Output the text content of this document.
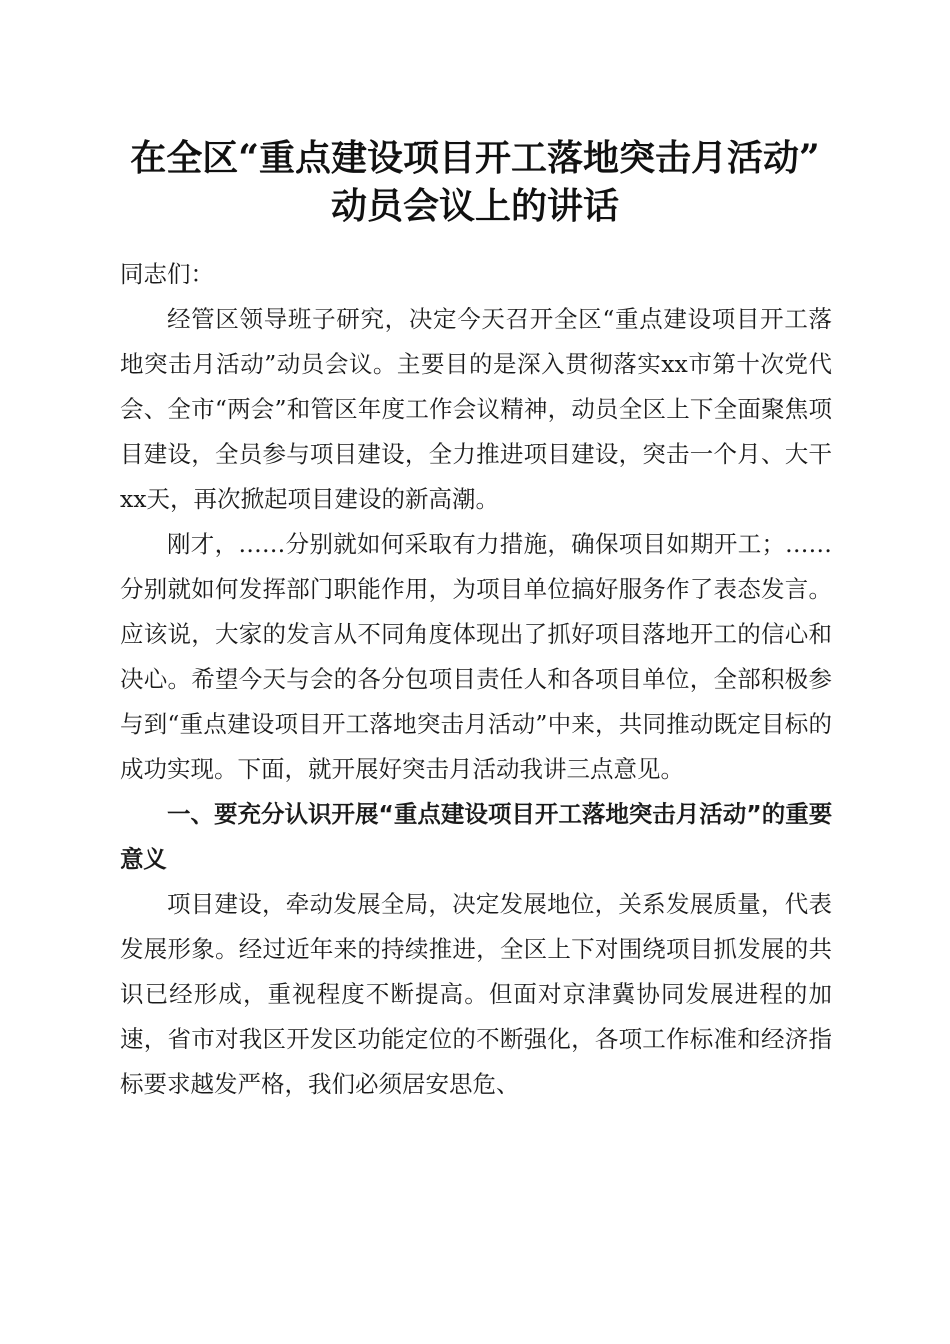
在全区“重点建设项目开工落地突击月活动”
动员会议上的讲话

同志们：

经管区领导班子研究，决定今天召开全区“重点建设项目开工落地突击月活动”动员会议。主要目的是深入贯彻落实xx市第十次党代会、全市“两会”和管区年度工作会议精神，动员全区上下全面聚焦项目建设，全员参与项目建设，全力推进项目建设，突击一个月、大干xx天，再次掀起项目建设的新高潮。

刚才，……分别就如何采取有力措施，确保项目如期开工；……分别就如何发挥部门职能作用，为项目单位搞好服务作了表态发言。应该说，大家的发言从不同角度体现出了抓好项目落地开工的信心和决心。希望今天与会的各分包项目责任人和各项目单位，全部积极参与到“重点建设项目开工落地突击月活动”中来，共同推动既定目标的成功实现。下面，就开展好突击月活动我讲三点意见。

一、要充分认识开展“重点建设项目开工落地突击月活动”的重要意义

项目建设，牵动发展全局，决定发展地位，关系发展质量，代表发展形象。经过近年来的持续推进，全区上下对围绕项目抓发展的共识已经形成，重视程度不断提高。但面对京津冀协同发展进程的加速，省市对我区开发区功能定位的不断强化，各项工作标准和经济指标要求越发严格，我们必须居安思危、
